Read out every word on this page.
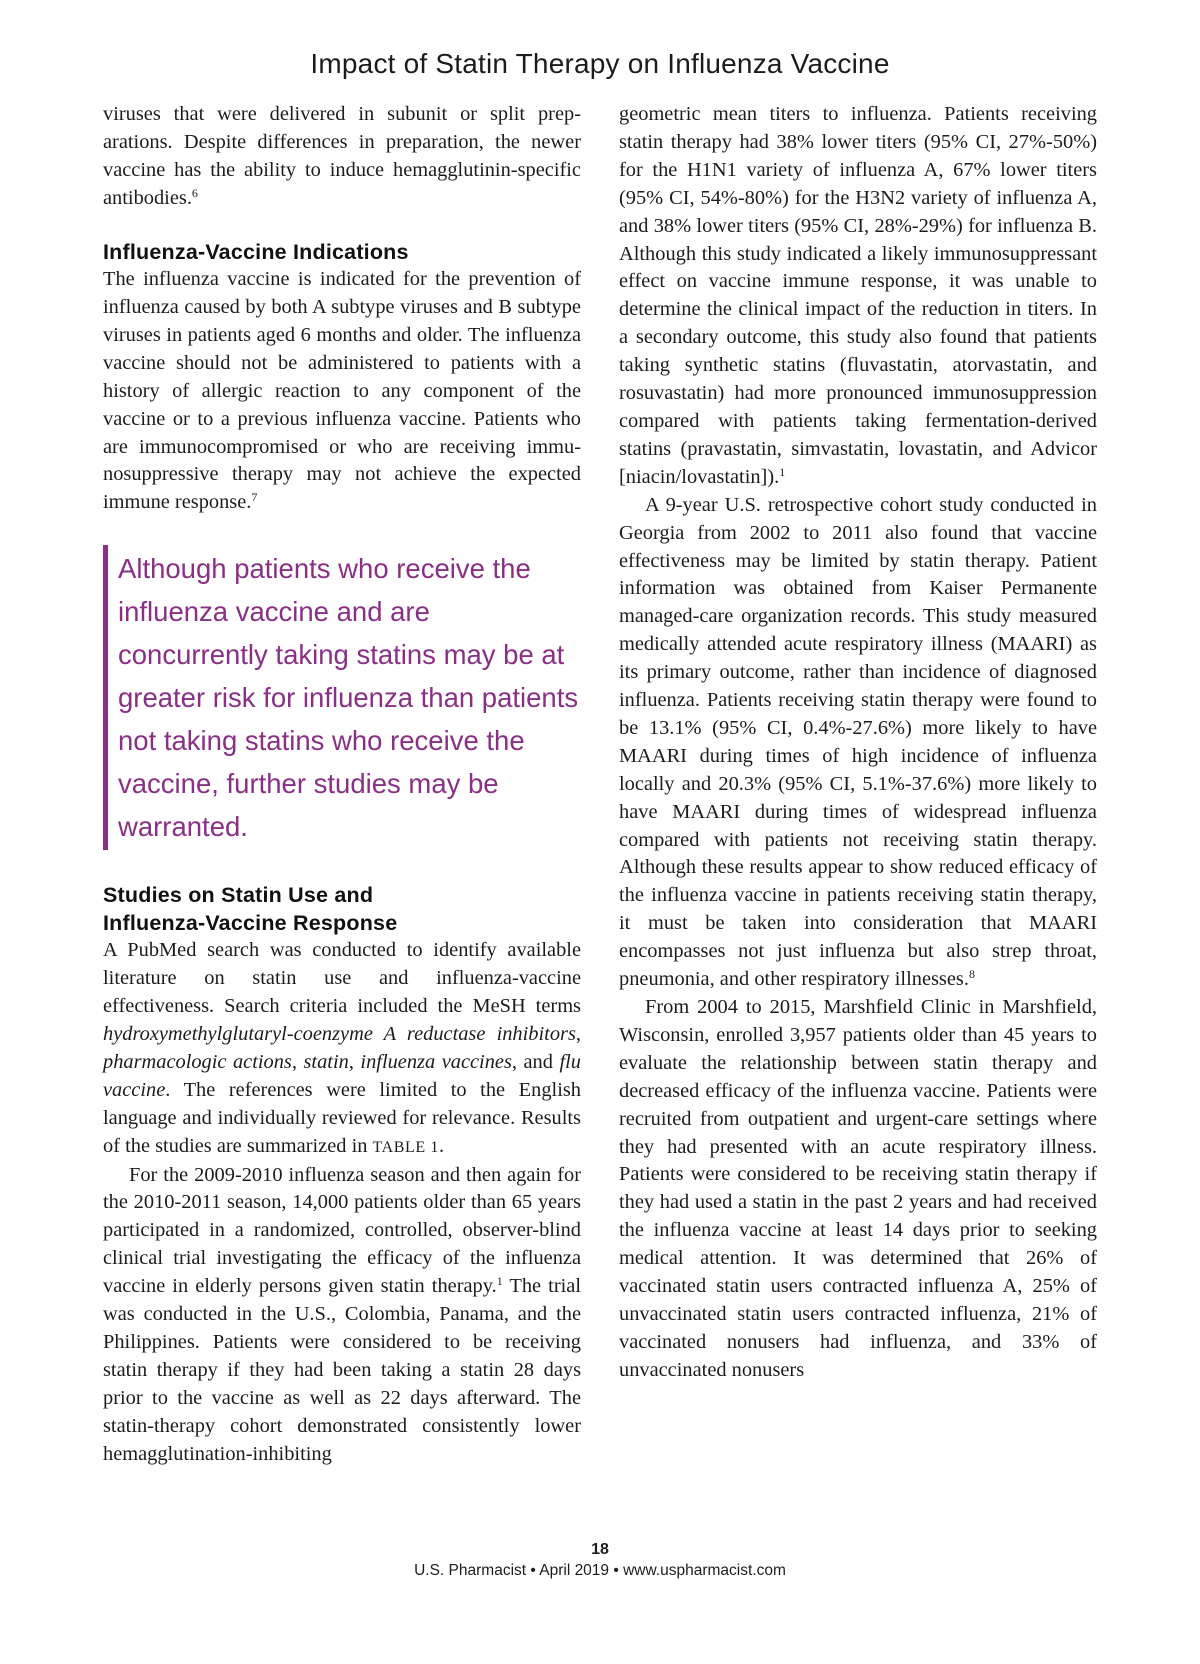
Impact of Statin Therapy on Influenza Vaccine

viruses that were delivered in subunit or split preparations. Despite differences in preparation, the newer vaccine has the ability to induce hemagglutinin-specific antibodies.$^6$

Influenza-Vaccine Indications

The influenza vaccine is indicated for the prevention of influenza caused by both A subtype viruses and B subtype viruses in patients aged 6 months and older. The influenza vaccine should not be administered to patients with a history of allergic reaction to any component of the vaccine or to a previous influenza vaccine. Patients who are immunocompromised or who are receiving immunosuppressive therapy may not achieve the expected immune response.$^7$

Although patients who receive the influenza vaccine and are concurrently taking statins may be at greater risk for influenza than patients not taking statins who receive the vaccine, further studies may be warranted.
Studies on Statin Use and
Influenza-Vaccine Response

A PubMed search was conducted to identify available literature on statin use and influenza-vaccine effectiveness. Search criteria included the MeSH terms hydroxymethylglutaryl-coenzyme A reductase inhibitors, pharmacologic actions, statin, influenza vaccines, and flu vaccine. The references were limited to the English language and individually reviewed for relevance. Results of the studies are summarized in TABLE 1.

For the 2009-2010 influenza season and then again for the 2010-2011 season, 14,000 patients older than 65 years participated in a randomized, controlled, observer-blind clinical trial investigating the efficacy of the influenza vaccine in elderly persons given statin therapy.$^1$ The trial was conducted in the U.S., Colombia, Panama, and the Philippines. Patients were considered to be receiving statin therapy if they had been taking a statin 28 days prior to the vaccine as well as 22 days afterward. The statin-therapy cohort demonstrated consistently lower hemagglutination-inhibiting

geometric mean titers to influenza. Patients receiving statin therapy had 38% lower titers (95% CI, 27%-50%) for the H1N1 variety of influenza A, 67% lower titers (95% CI, 54%-80%) for the H3N2 variety of influenza A, and 38% lower titers (95% CI, 28%-29%) for influenza B. Although this study indicated a likely immunosuppressant effect on vaccine immune response, it was unable to determine the clinical impact of the reduction in titers. In a secondary outcome, this study also found that patients taking synthetic statins (fluvastatin, atorvastatin, and rosuvastatin) had more pronounced immunosuppression compared with patients taking fermentation-derived statins (pravastatin, simvastatin, lovastatin, and Advicor [niacin/lovastatin]).$^1$

A 9-year U.S. retrospective cohort study conducted in Georgia from 2002 to 2011 also found that vaccine effectiveness may be limited by statin therapy. Patient information was obtained from Kaiser Permanente managed-care organization records. This study measured medically attended acute respiratory illness (MAARI) as its primary outcome, rather than incidence of diagnosed influenza. Patients receiving statin therapy were found to be 13.1% (95% CI, 0.4%-27.6%) more likely to have MAARI during times of high incidence of influenza locally and 20.3% (95% CI, 5.1%-37.6%) more likely to have MAARI during times of widespread influenza compared with patients not receiving statin therapy. Although these results appear to show reduced efficacy of the influenza vaccine in patients receiving statin therapy, it must be taken into consideration that MAARI encompasses not just influenza but also strep throat, pneumonia, and other respiratory illnesses.$^8$

From 2004 to 2015, Marshfield Clinic in Marshfield, Wisconsin, enrolled 3,957 patients older than 45 years to evaluate the relationship between statin therapy and decreased efficacy of the influenza vaccine. Patients were recruited from outpatient and urgent-care settings where they had presented with an acute respiratory illness. Patients were considered to be receiving statin therapy if they had used a statin in the past 2 years and had received the influenza vaccine at least 14 days prior to seeking medical attention. It was determined that 26% of vaccinated statin users contracted influenza A, 25% of unvaccinated statin users contracted influenza, 21% of vaccinated nonusers had influenza, and 33% of unvaccinated nonusers

18
U.S. Pharmacist • April 2019 • www.uspharmacist.com
